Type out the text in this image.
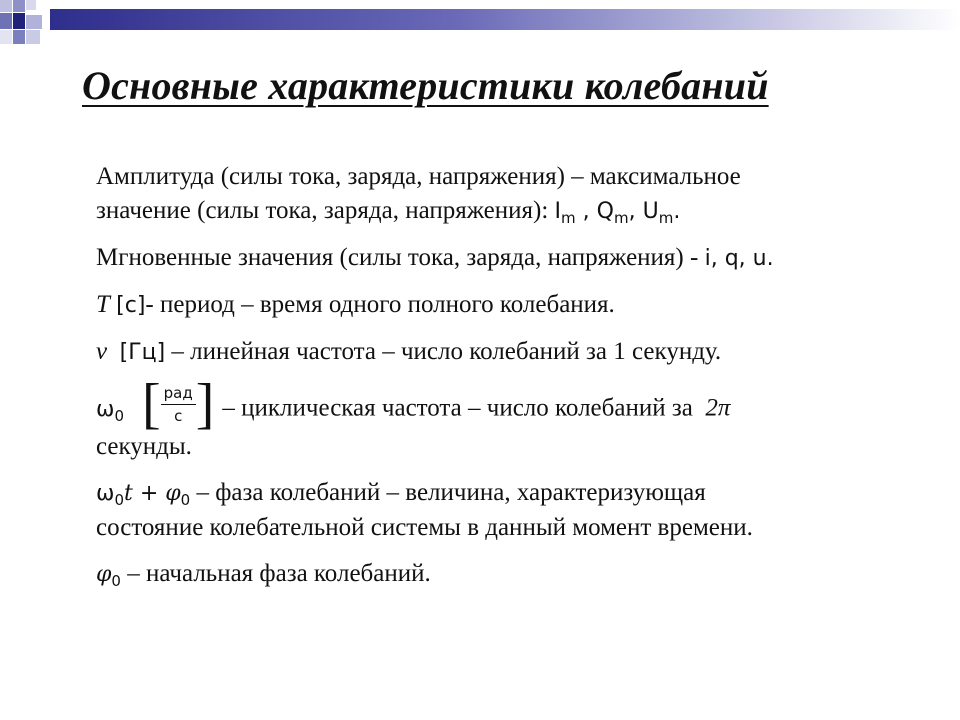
Основные характеристики колебаний
Амплитуда (силы тока, заряда, напряжения) – максимальное
значение (силы тока, заряда, напряжения): $I_m$ , $Q_m$, $U_m$.
Мгновенные значения (силы тока, заряда, напряжения) - i, q, u.
T [c]- период – время одного полного колебания.
ν [Гц] – линейная частота – число колебаний за 1 секунду.
$\omega_0$ [ $\frac{\text{рад}}{с}$ ] – циклическая частота – число колебаний за  2π
секунды.
$\omega_0t + \varphi_0$ – фаза колебаний – величина, характеризующая
состояние колебательной системы в данный момент времени.
$\varphi_0$ – начальная фаза колебаний.
